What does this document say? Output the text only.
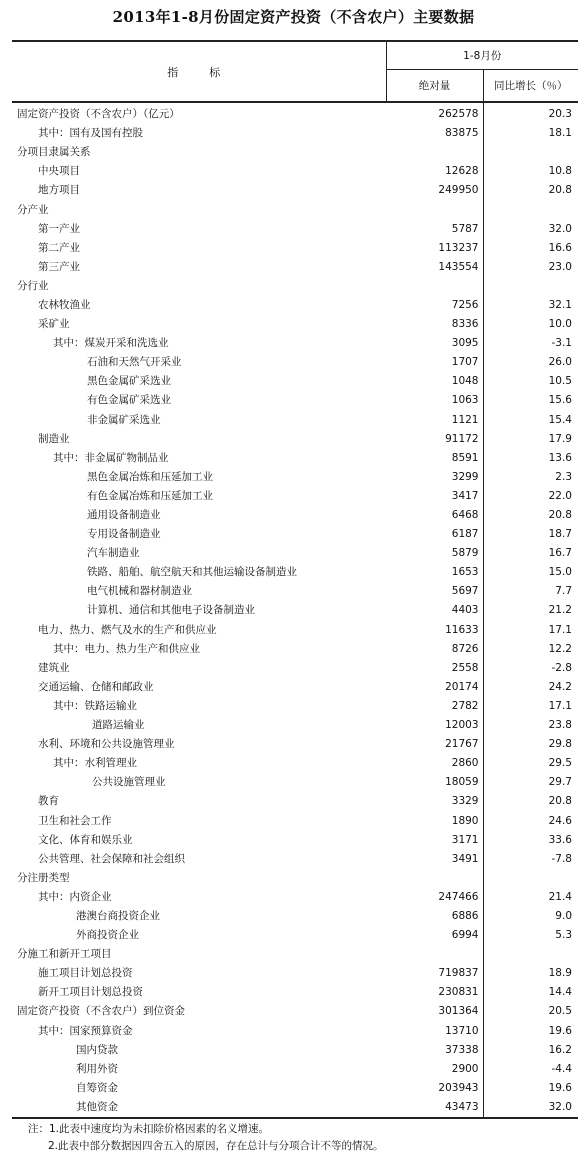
2013年1-8月份固定资产投资（不含农户）主要数据
指　标	1-8月份	
	绝对量	同比增长（％）
固定资产投资（不含农户）（亿元）	262578	20.3
其中：国有及国有控股	83875	18.1
分项目隶属关系		
中央项目	12628	10.8
地方项目	249950	20.8
分产业		
第一产业	5787	32.0
第二产业	113237	16.6
第三产业	143554	23.0
分行业		
农林牧渔业	7256	32.1
采矿业	8336	10.0
其中：煤炭开采和洗选业	3095	-3.1
石油和天然气开采业	1707	26.0
黑色金属矿采选业	1048	10.5
有色金属矿采选业	1063	15.6
非金属矿采选业	1121	15.4
制造业	91172	17.9
其中：非金属矿物制品业	8591	13.6
黑色金属冶炼和压延加工业	3299	2.3
有色金属冶炼和压延加工业	3417	22.0
通用设备制造业	6468	20.8
专用设备制造业	6187	18.7
汽车制造业	5879	16.7
铁路、船舶、航空航天和其他运输设备制造业	1653	15.0
电气机械和器材制造业	5697	7.7
计算机、通信和其他电子设备制造业	4403	21.2
电力、热力、燃气及水的生产和供应业	11633	17.1
其中：电力、热力生产和供应业	8726	12.2
建筑业	2558	-2.8
交通运输、仓储和邮政业	20174	24.2
其中：铁路运输业	2782	17.1
道路运输业	12003	23.8
水利、环境和公共设施管理业	21767	29.8
其中：水利管理业	2860	29.5
公共设施管理业	18059	29.7
教育	3329	20.8
卫生和社会工作	1890	24.6
文化、体育和娱乐业	3171	33.6
公共管理、社会保障和社会组织	3491	-7.8
分注册类型		
其中：内资企业	247466	21.4
港澳台商投资企业	6886	9.0
外商投资企业	6994	5.3
分施工和新开工项目		
施工项目计划总投资	719837	18.9
新开工项目计划总投资	230831	14.4
固定资产投资（不含农户）到位资金	301364	20.5
其中：国家预算资金	13710	19.6
国内贷款	37338	16.2
利用外资	2900	-4.4
自筹资金	203943	19.6
其他资金	43473	32.0
注：1.此表中速度均为未扣除价格因素的名义增速。
2.此表中部分数据因四舍五入的原因，存在总计与分项合计不等的情况。
